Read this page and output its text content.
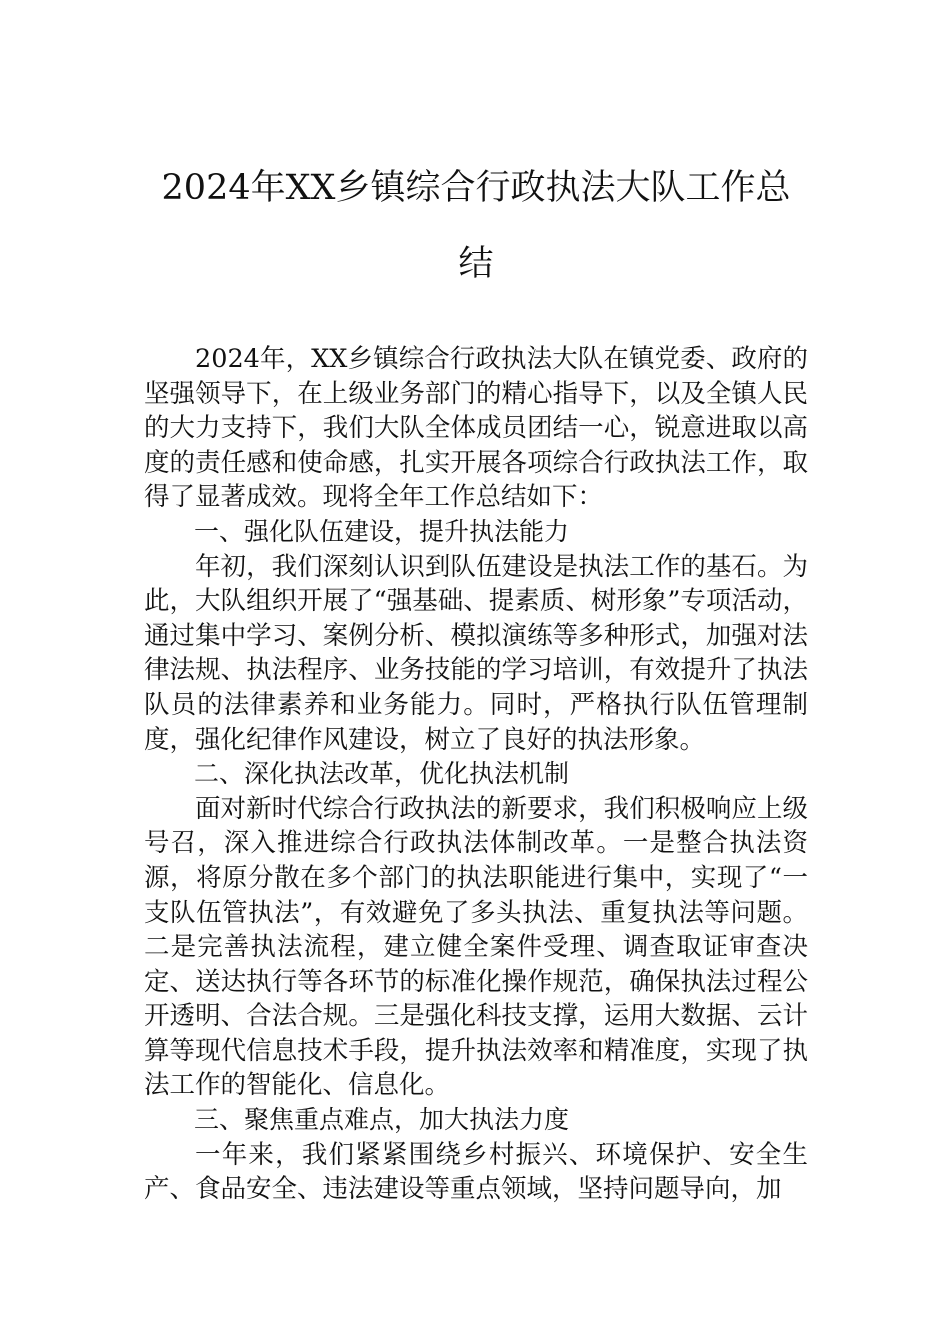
2024年XX乡镇综合行政执法大队工作总
结

2024年，XX乡镇综合行政执法大队在镇党委、政府的坚强领导下，在上级业务部门的精心指导下，以及全镇人民的大力支持下，我们大队全体成员团结一心，锐意进取以高度的责任感和使命感，扎实开展各项综合行政执法工作，取得了显著成效。现将全年工作总结如下：

一、强化队伍建设，提升执法能力

年初，我们深刻认识到队伍建设是执法工作的基石。为此，大队组织开展了“强基础、提素质、树形象”专项活动，通过集中学习、案例分析、模拟演练等多种形式，加强对法律法规、执法程序、业务技能的学习培训，有效提升了执法队员的法律素养和业务能力。同时，严格执行队伍管理制度，强化纪律作风建设，树立了良好的执法形象。

二、深化执法改革，优化执法机制

面对新时代综合行政执法的新要求，我们积极响应上级号召，深入推进综合行政执法体制改革。一是整合执法资源，将原分散在多个部门的执法职能进行集中，实现了“一支队伍管执法”，有效避免了多头执法、重复执法等问题。二是完善执法流程，建立健全案件受理、调查取证审查决定、送达执行等各环节的标准化操作规范，确保执法过程公开透明、合法合规。三是强化科技支撑，运用大数据、云计算等现代信息技术手段，提升执法效率和精准度，实现了执法工作的智能化、信息化。

三、聚焦重点难点，加大执法力度

一年来，我们紧紧围绕乡村振兴、环境保护、安全生产、食品安全、违法建设等重点领域，坚持问题导向，加
